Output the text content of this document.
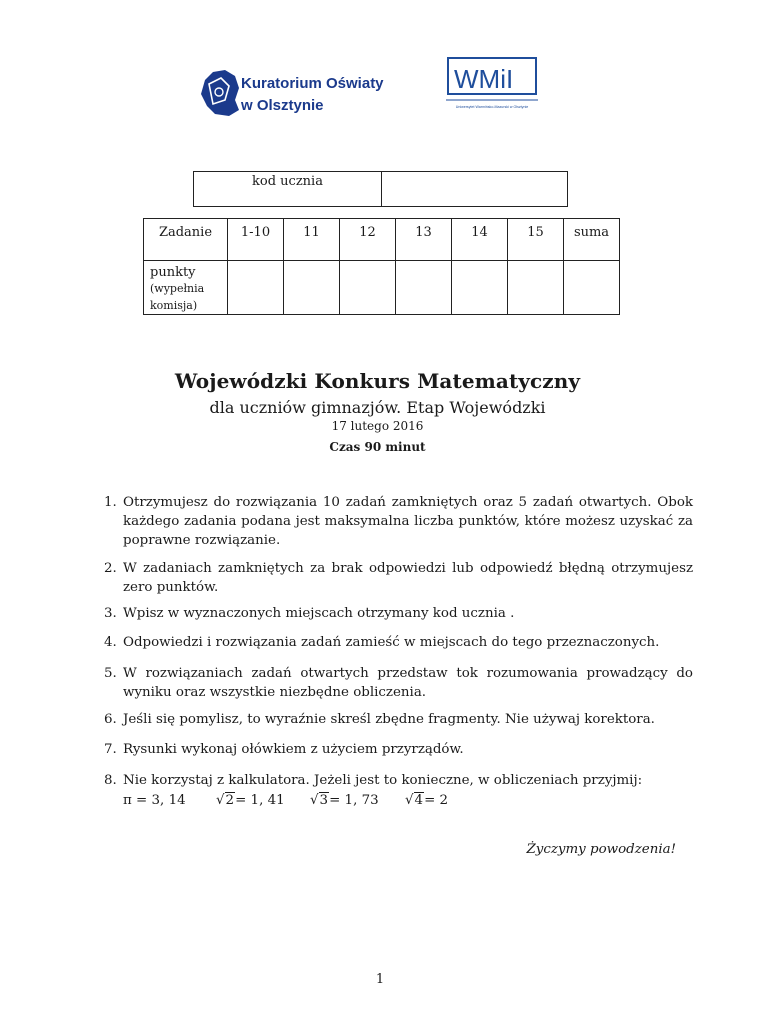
Kuratorium Oświaty
w Olsztynie
WMiI
Uniwersytet Warmińsko-Mazurski w Olsztynie
kod ucznia
Zadanie	1-10	11	12	13	14	15	suma

punkty
(wypełnia
komisja)							

Wojewódzki Konkurs Matematyczny
dla uczniów gimnazjów. Etap Wojewódzki
17 lutego 2016
Czas 90 minut
1. Otrzymujesz do rozwiązania 10 zadań zamkniętych oraz 5 zadań otwartych. Obok każdego zadania podana jest maksymalna liczba punktów, które możesz uzyskać za poprawne rozwiązanie.
2. W zadaniach zamkniętych za brak odpowiedzi lub odpowiedź błędną otrzymujesz zero punktów.
3. Wpisz w wyznaczonych miejscach otrzymany kod ucznia .
4. Odpowiedzi i rozwiązania zadań zamieść w miejscach do tego przeznaczonych.
5. W rozwiązaniach zadań otwartych przedstaw tok rozumowania prowadzący do wyniku oraz wszystkie niezbędne obliczenia.
6. Jeśli się pomylisz, to wyraźnie skreśl zbędne fragmenty. Nie używaj korektora.
7. Rysunki wykonaj ołówkiem z użyciem przyrządów.
8. Nie korzystaj z kalkulatora. Jeżeli jest to konieczne, w obliczeniach przyjmij:
π = 3, 14	√2= 1, 41	√3= 1, 73	√4= 2
Życzymy powodzenia!
1
